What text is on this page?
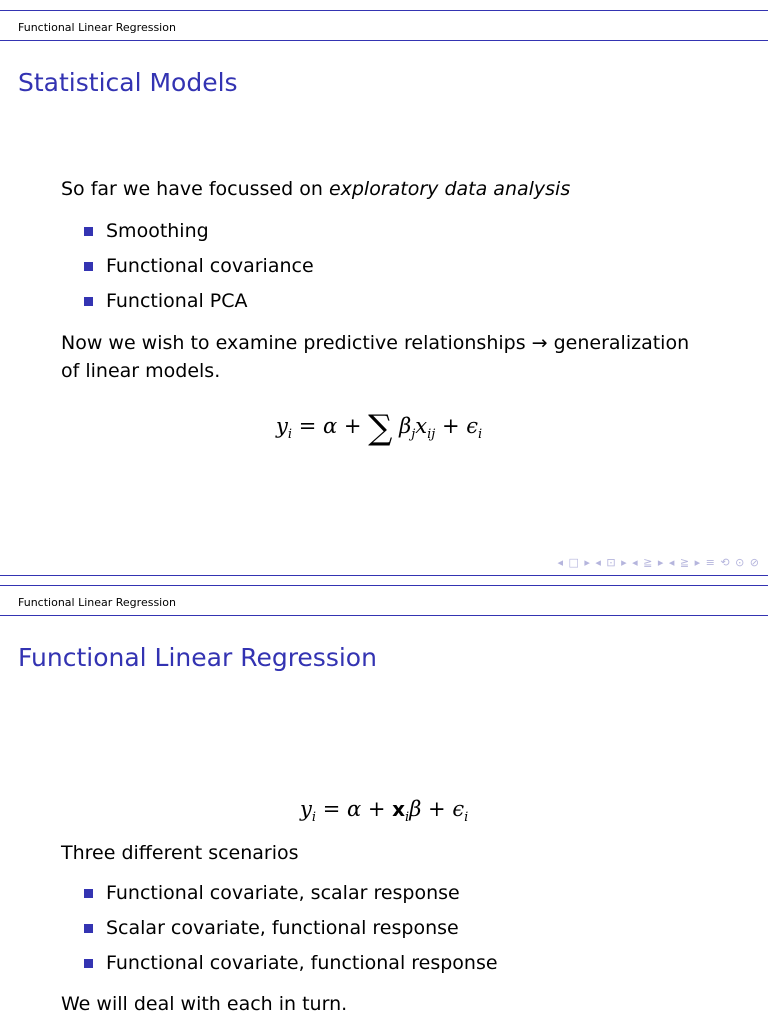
Functional Linear Regression
Statistical Models
So far we have focussed on exploratory data analysis
Smoothing
Functional covariance
Functional PCA
Now we wish to examine predictive relationships → generalization
of linear models.
$y_i = \alpha$ + ∑ $\beta_jx_{ij} + \epsilon_i$
◂ □ ▸ ◂ ⊡ ▸ ◂ ≧ ▸ ◂ ≧ ▸ ≡ ⟲ ⊙ ⊘
Functional Linear Regression
Functional Linear Regression
$y_i = \alpha + x_i\beta + \epsilon_i$
Three different scenarios
Functional covariate, scalar response
Scalar covariate, functional response
Functional covariate, functional response
We will deal with each in turn.
